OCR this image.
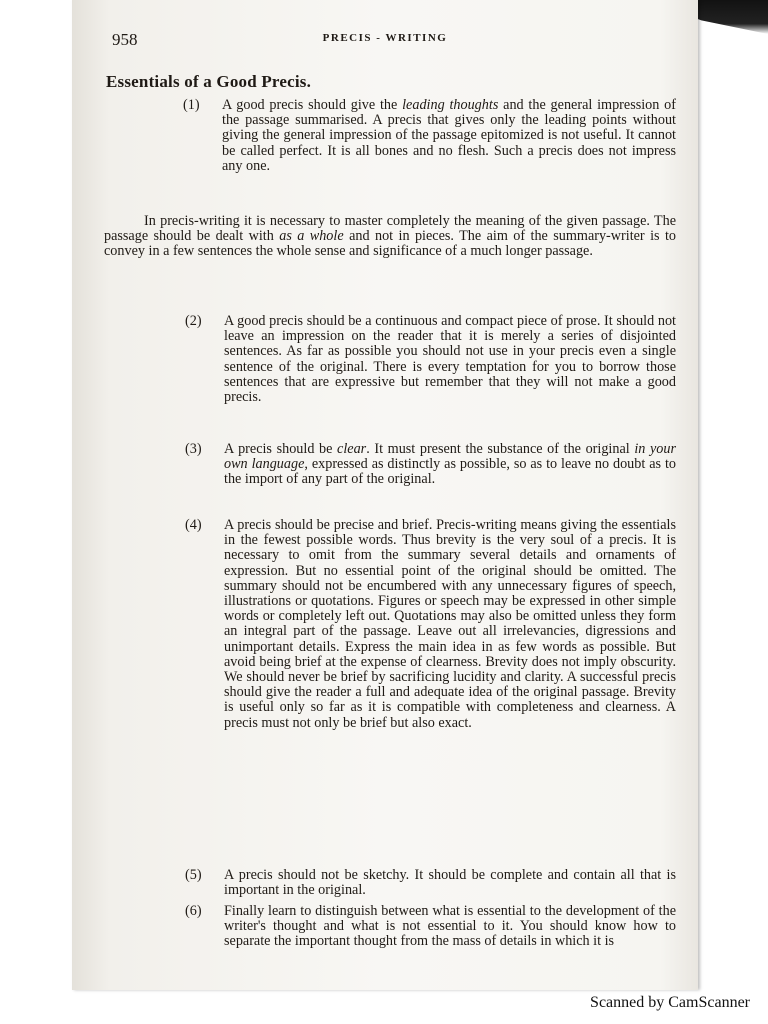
958	PRECIS - WRITING
Essentials of a Good Precis.
(1) A good precis should give the leading thoughts and the general impression of the passage summarised. A precis that gives only the leading points without giving the general impression of the passage epitomized is not useful. It cannot be called perfect. It is all bones and no flesh. Such a precis does not impress any one.

In precis-writing it is necessary to master completely the meaning of the given passage. The passage should be dealt with as a whole and not in pieces. The aim of the summary-writer is to convey in a few sentences the whole sense and significance of a much longer passage.

(2) A good precis should be a continuous and compact piece of prose. It should not leave an impression on the reader that it is merely a series of disjointed sentences. As far as possible you should not use in your precis even a single sentence of the original. There is every temptation for you to borrow those sentences that are expressive but remember that they will not make a good precis.
(3) A precis should be clear. It must present the substance of the original in your own language, expressed as distinctly as possible, so as to leave no doubt as to the import of any part of the original.
(4) A precis should be precise and brief. Precis-writing means giving the essentials in the fewest possible words. Thus brevity is the very soul of a precis. It is necessary to omit from the summary several details and ornaments of expression. But no essential point of the original should be omitted. The summary should not be encumbered with any unnecessary figures of speech, illustrations or quotations. Figures or speech may be expressed in other simple words or completely left out. Quotations may also be omitted unless they form an integral part of the passage. Leave out all irrelevancies, digressions and unimportant details. Express the main idea in as few words as possible. But avoid being brief at the expense of clearness. Brevity does not imply obscurity. We should never be brief by sacrificing lucidity and clarity. A successful precis should give the reader a full and adequate idea of the original passage. Brevity is useful only so far as it is compatible with completeness and clearness. A precis must not only be brief but also exact.
(5) A precis should not be sketchy. It should be complete and contain all that is important in the original.
(6) Finally learn to distinguish between what is essential to the development of the writer's thought and what is not essential to it. You should know how to separate the important thought from the mass of details in which it is
Scanned by CamScanner
